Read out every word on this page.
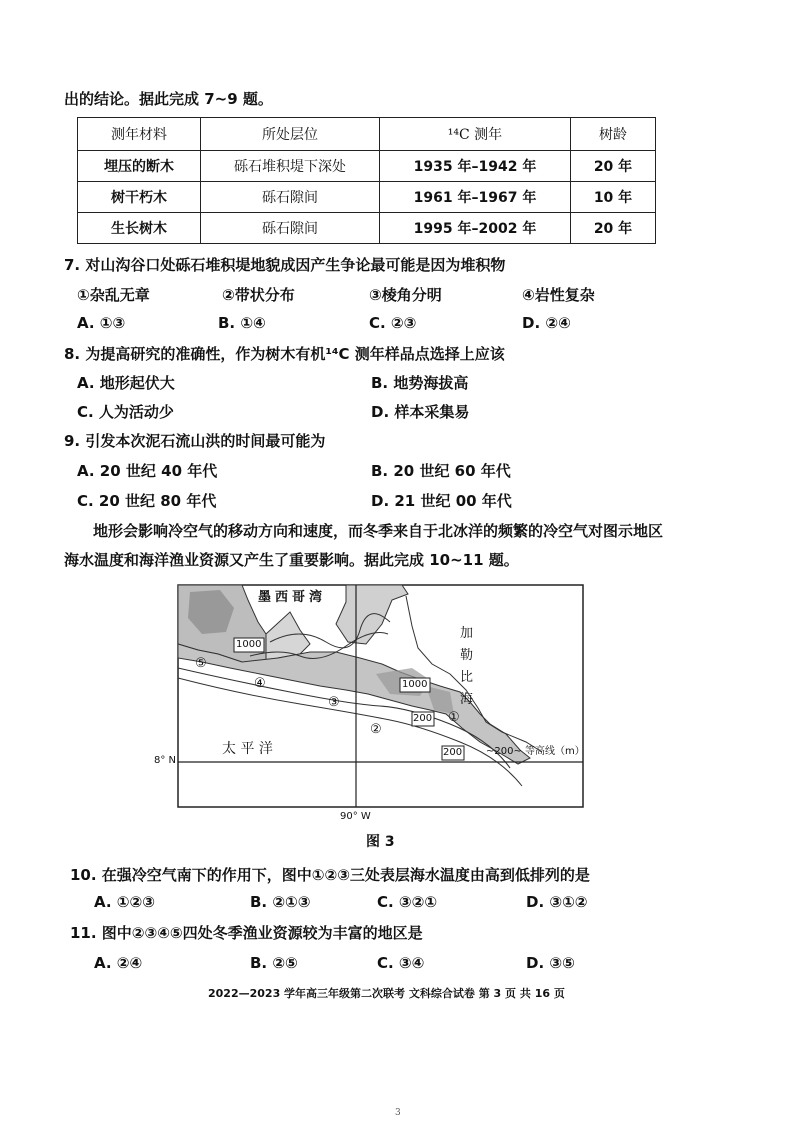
出的结论。据此完成 7~9 题。
测年材料	所处层位	¹⁴C 测年	树龄
埋压的断木	砾石堆积堤下深处	1935 年–1942 年	20 年
树干朽木	砾石隙间	1961 年–1967 年	10 年
生长树木	砾石隙间	1995 年–2002 年	20 年
7. 对山沟谷口处砾石堆积堤地貌成因产生争论最可能是因为堆积物
①杂乱无章	②带状分布	③棱角分明	④岩性复杂
A. ①③	B. ①④	C. ②③	D. ②④
8. 为提高研究的准确性，作为树木有机¹⁴C 测年样品点选择上应该
A. 地形起伏大	B. 地势海拔高
C. 人为活动少	D. 样本采集易
9. 引发本次泥石流山洪的时间最可能为
A. 20 世纪 40 年代	B. 20 世纪 60 年代
C. 20 世纪 80 年代	D. 21 世纪 00 年代
地形会影响冷空气的移动方向和速度，而冬季来自于北冰洋的频繁的冷空气对图示地区
海水温度和海洋渔业资源又产生了重要影响。据此完成 10~11 题。
墨西哥湾
加
勒
比
海
太 平 洋
8° N
90° W
~200~ 等高线（m）
1000
1000
200
200
⑤
④
③
②
①
图 3
10. 在强冷空气南下的作用下，图中①②③三处表层海水温度由高到低排列的是
A. ①②③	B. ②①③	C. ③②①	D. ③①②
11. 图中②③④⑤四处冬季渔业资源较为丰富的地区是
A. ②④	B. ②⑤	C. ③④	D. ③⑤
2022—2023 学年高三年级第二次联考 文科综合试卷 第 3 页 共 16 页
3
